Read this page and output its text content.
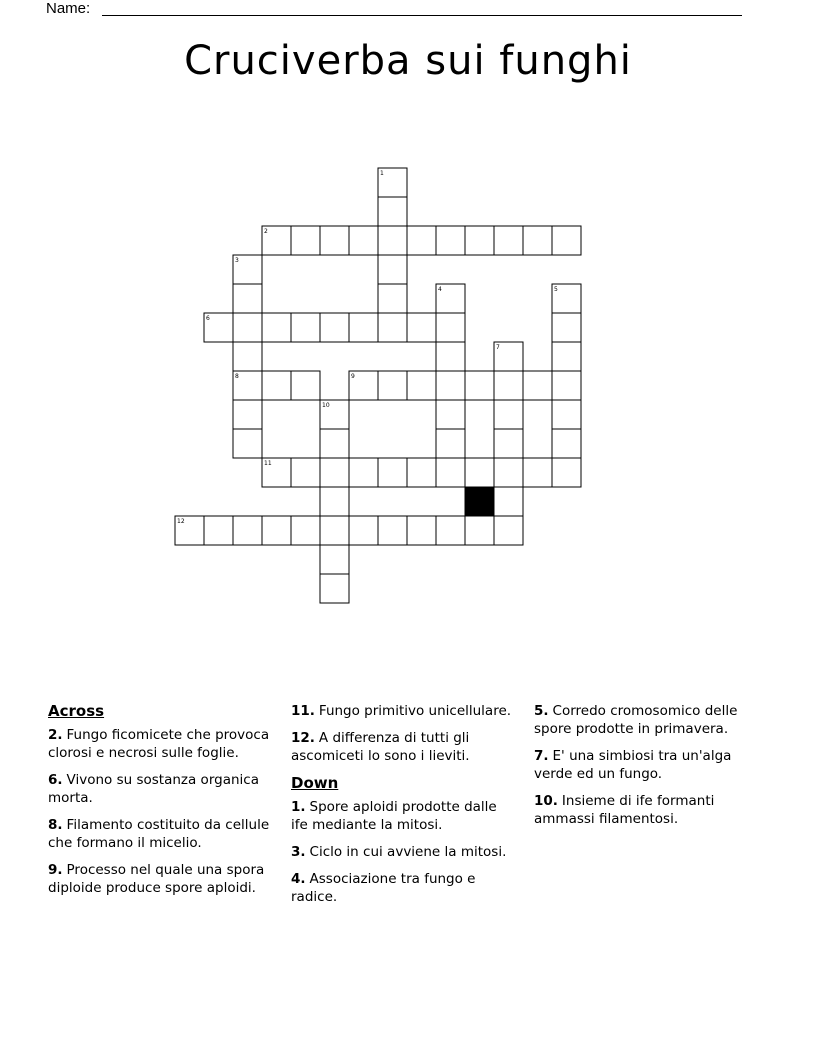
Name:
Cruciverba sui funghi
1
2
3
4	5
6
7
8	9
10
11
12
Across
2. Fungo ficomicete che provoca clorosi e necrosi sulle foglie.
6. Vivono su sostanza organica morta.
8. Filamento costituito da cellule che formano il micelio.
9. Processo nel quale una spora diploide produce spore aploidi.
11. Fungo primitivo unicellulare.
12. A differenza di tutti gli ascomiceti lo sono i lieviti.
Down
1. Spore aploidi prodotte dalle ife mediante la mitosi.
3. Ciclo in cui avviene la mitosi.
4. Associazione tra fungo e radice.
5. Corredo cromosomico delle spore prodotte in primavera.
7. E' una simbiosi tra un'alga verde ed un fungo.
10. Insieme di ife formanti ammassi filamentosi.
